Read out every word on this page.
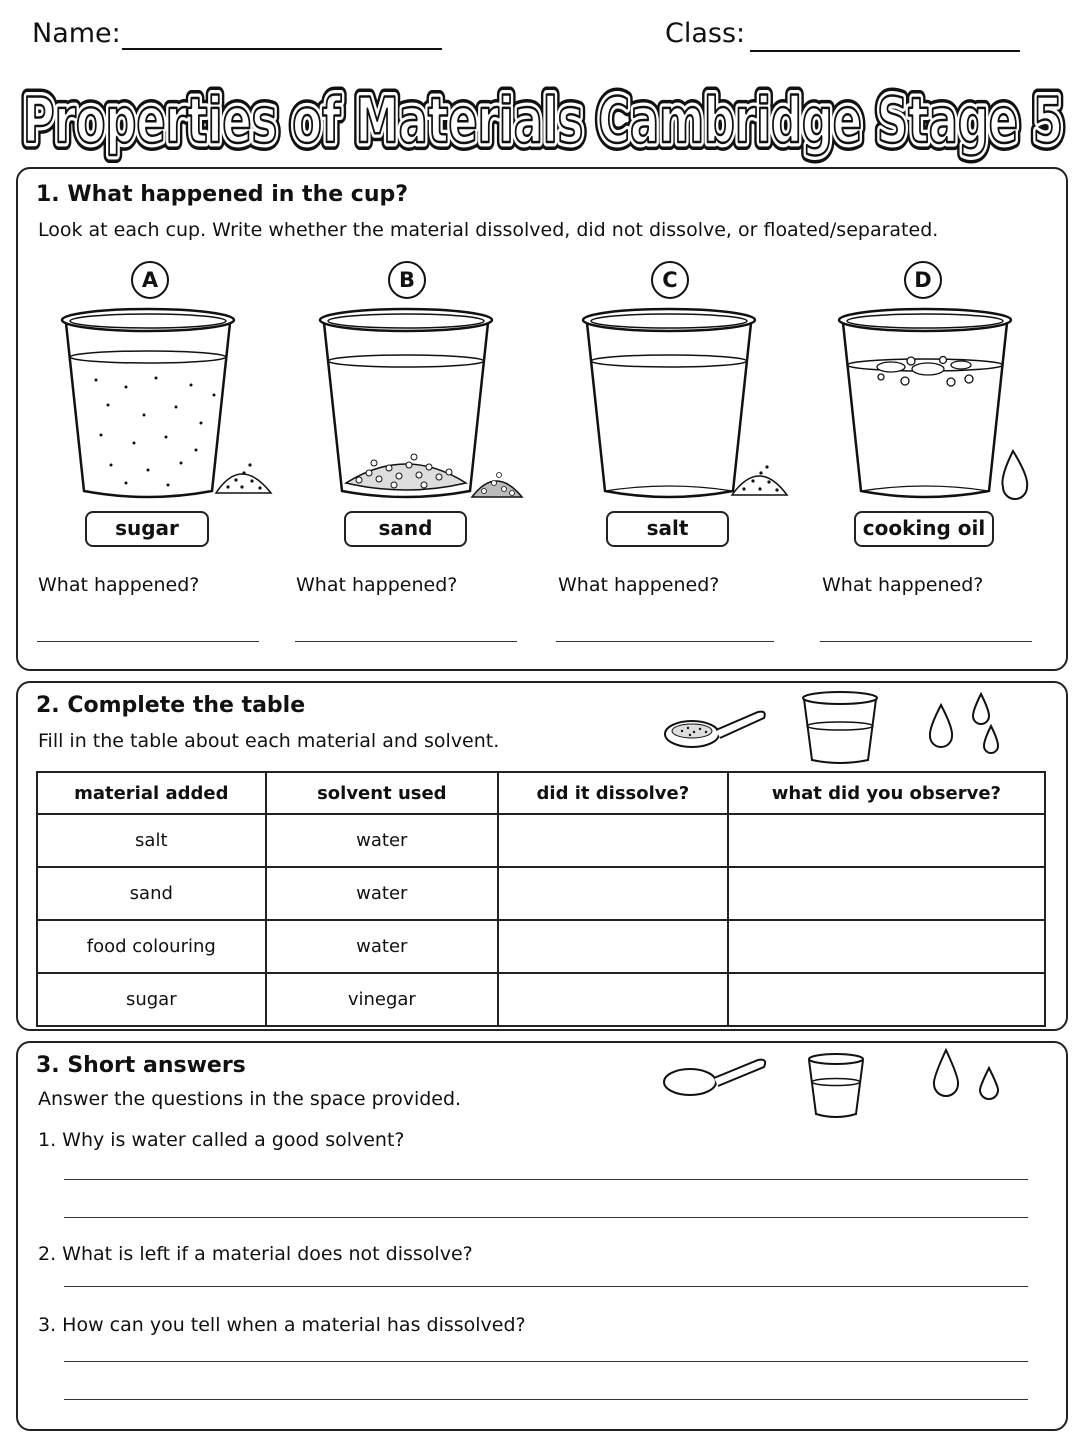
Name:	Class:
Properties of Materials Cambridge Stage 5
Properties of Materials Cambridge Stage 5
Properties of Materials Cambridge Stage 5
1. What happened in the cup?
Look at each cup. Write whether the material dissolved, did not dissolve, or floated/separated.
A
sugar
What happened?
B
sand
What happened?
C
salt
What happened?
D
cooking oil
What happened?
2. Complete the table
Fill in the table about each material and solvent.
material added	solvent used	did it dissolve?	what did you observe?
salt	water		
sand	water		
food colouring	water		
sugar	vinegar		
3. Short answers
Answer the questions in the space provided.
1. Why is water called a good solvent?
2. What is left if a material does not dissolve?
3. How can you tell when a material has dissolved?
